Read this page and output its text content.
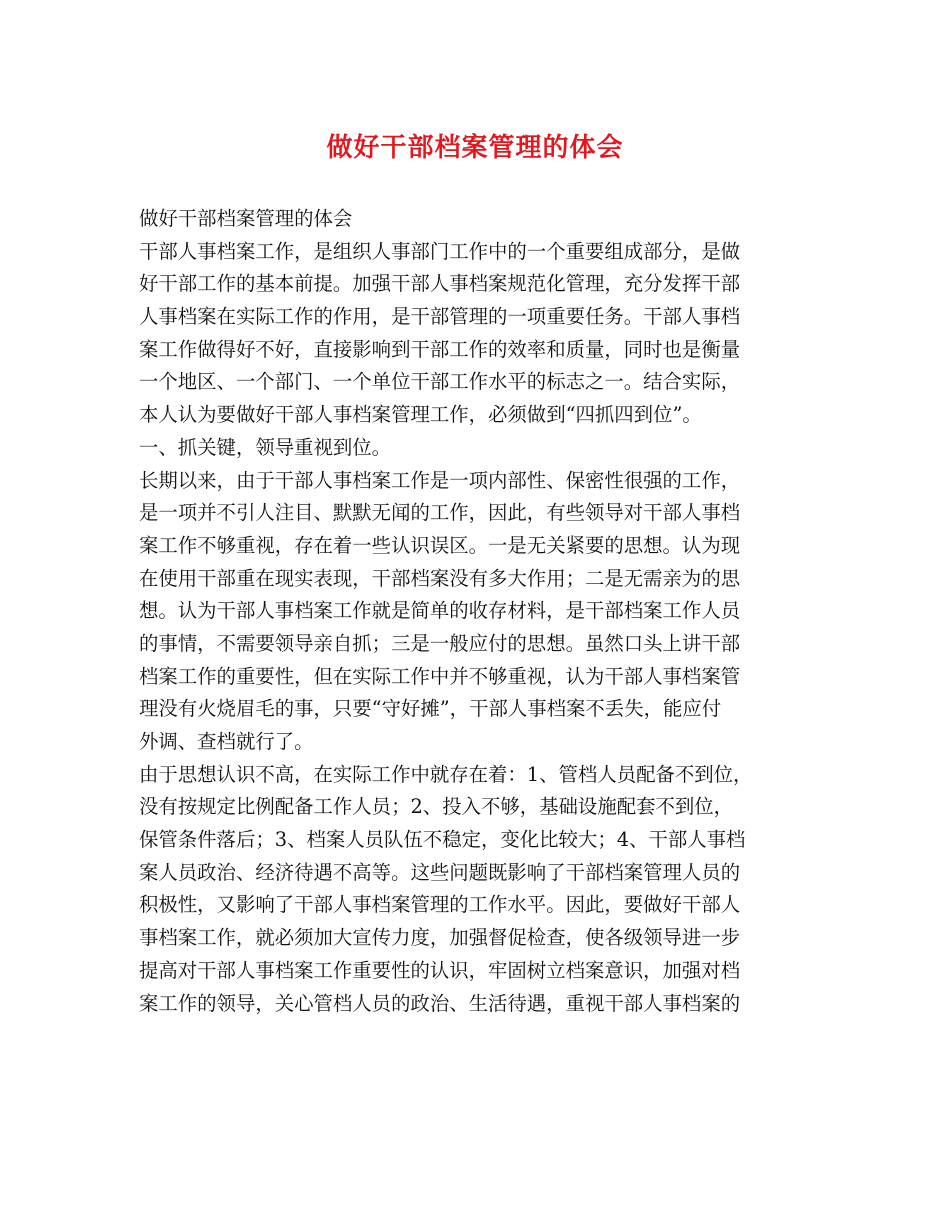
做好干部档案管理的体会
做好干部档案管理的体会
干部人事档案工作，是组织人事部门工作中的一个重要组成部分，是做
好干部工作的基本前提。加强干部人事档案规范化管理，充分发挥干部
人事档案在实际工作的作用，是干部管理的一项重要任务。干部人事档
案工作做得好不好，直接影响到干部工作的效率和质量，同时也是衡量
一个地区、一个部门、一个单位干部工作水平的标志之一。结合实际，
本人认为要做好干部人事档案管理工作，必须做到“四抓四到位”。
一、抓关键，领导重视到位。
长期以来，由于干部人事档案工作是一项内部性、保密性很强的工作，
是一项并不引人注目、默默无闻的工作，因此，有些领导对干部人事档
案工作不够重视，存在着一些认识误区。一是无关紧要的思想。认为现
在使用干部重在现实表现，干部档案没有多大作用；二是无需亲为的思
想。认为干部人事档案工作就是简单的收存材料，是干部档案工作人员
的事情，不需要领导亲自抓；三是一般应付的思想。虽然口头上讲干部
档案工作的重要性，但在实际工作中并不够重视，认为干部人事档案管
理没有火烧眉毛的事，只要“守好摊”，干部人事档案不丢失，能应付
外调、查档就行了。
由于思想认识不高，在实际工作中就存在着：1、管档人员配备不到位，
没有按规定比例配备工作人员；2、投入不够，基础设施配套不到位，
保管条件落后；3、档案人员队伍不稳定，变化比较大；4、干部人事档
案人员政治、经济待遇不高等。这些问题既影响了干部档案管理人员的
积极性，又影响了干部人事档案管理的工作水平。因此，要做好干部人
事档案工作，就必须加大宣传力度，加强督促检查，使各级领导进一步
提高对干部人事档案工作重要性的认识，牢固树立档案意识，加强对档
案工作的领导，关心管档人员的政治、生活待遇，重视干部人事档案的
